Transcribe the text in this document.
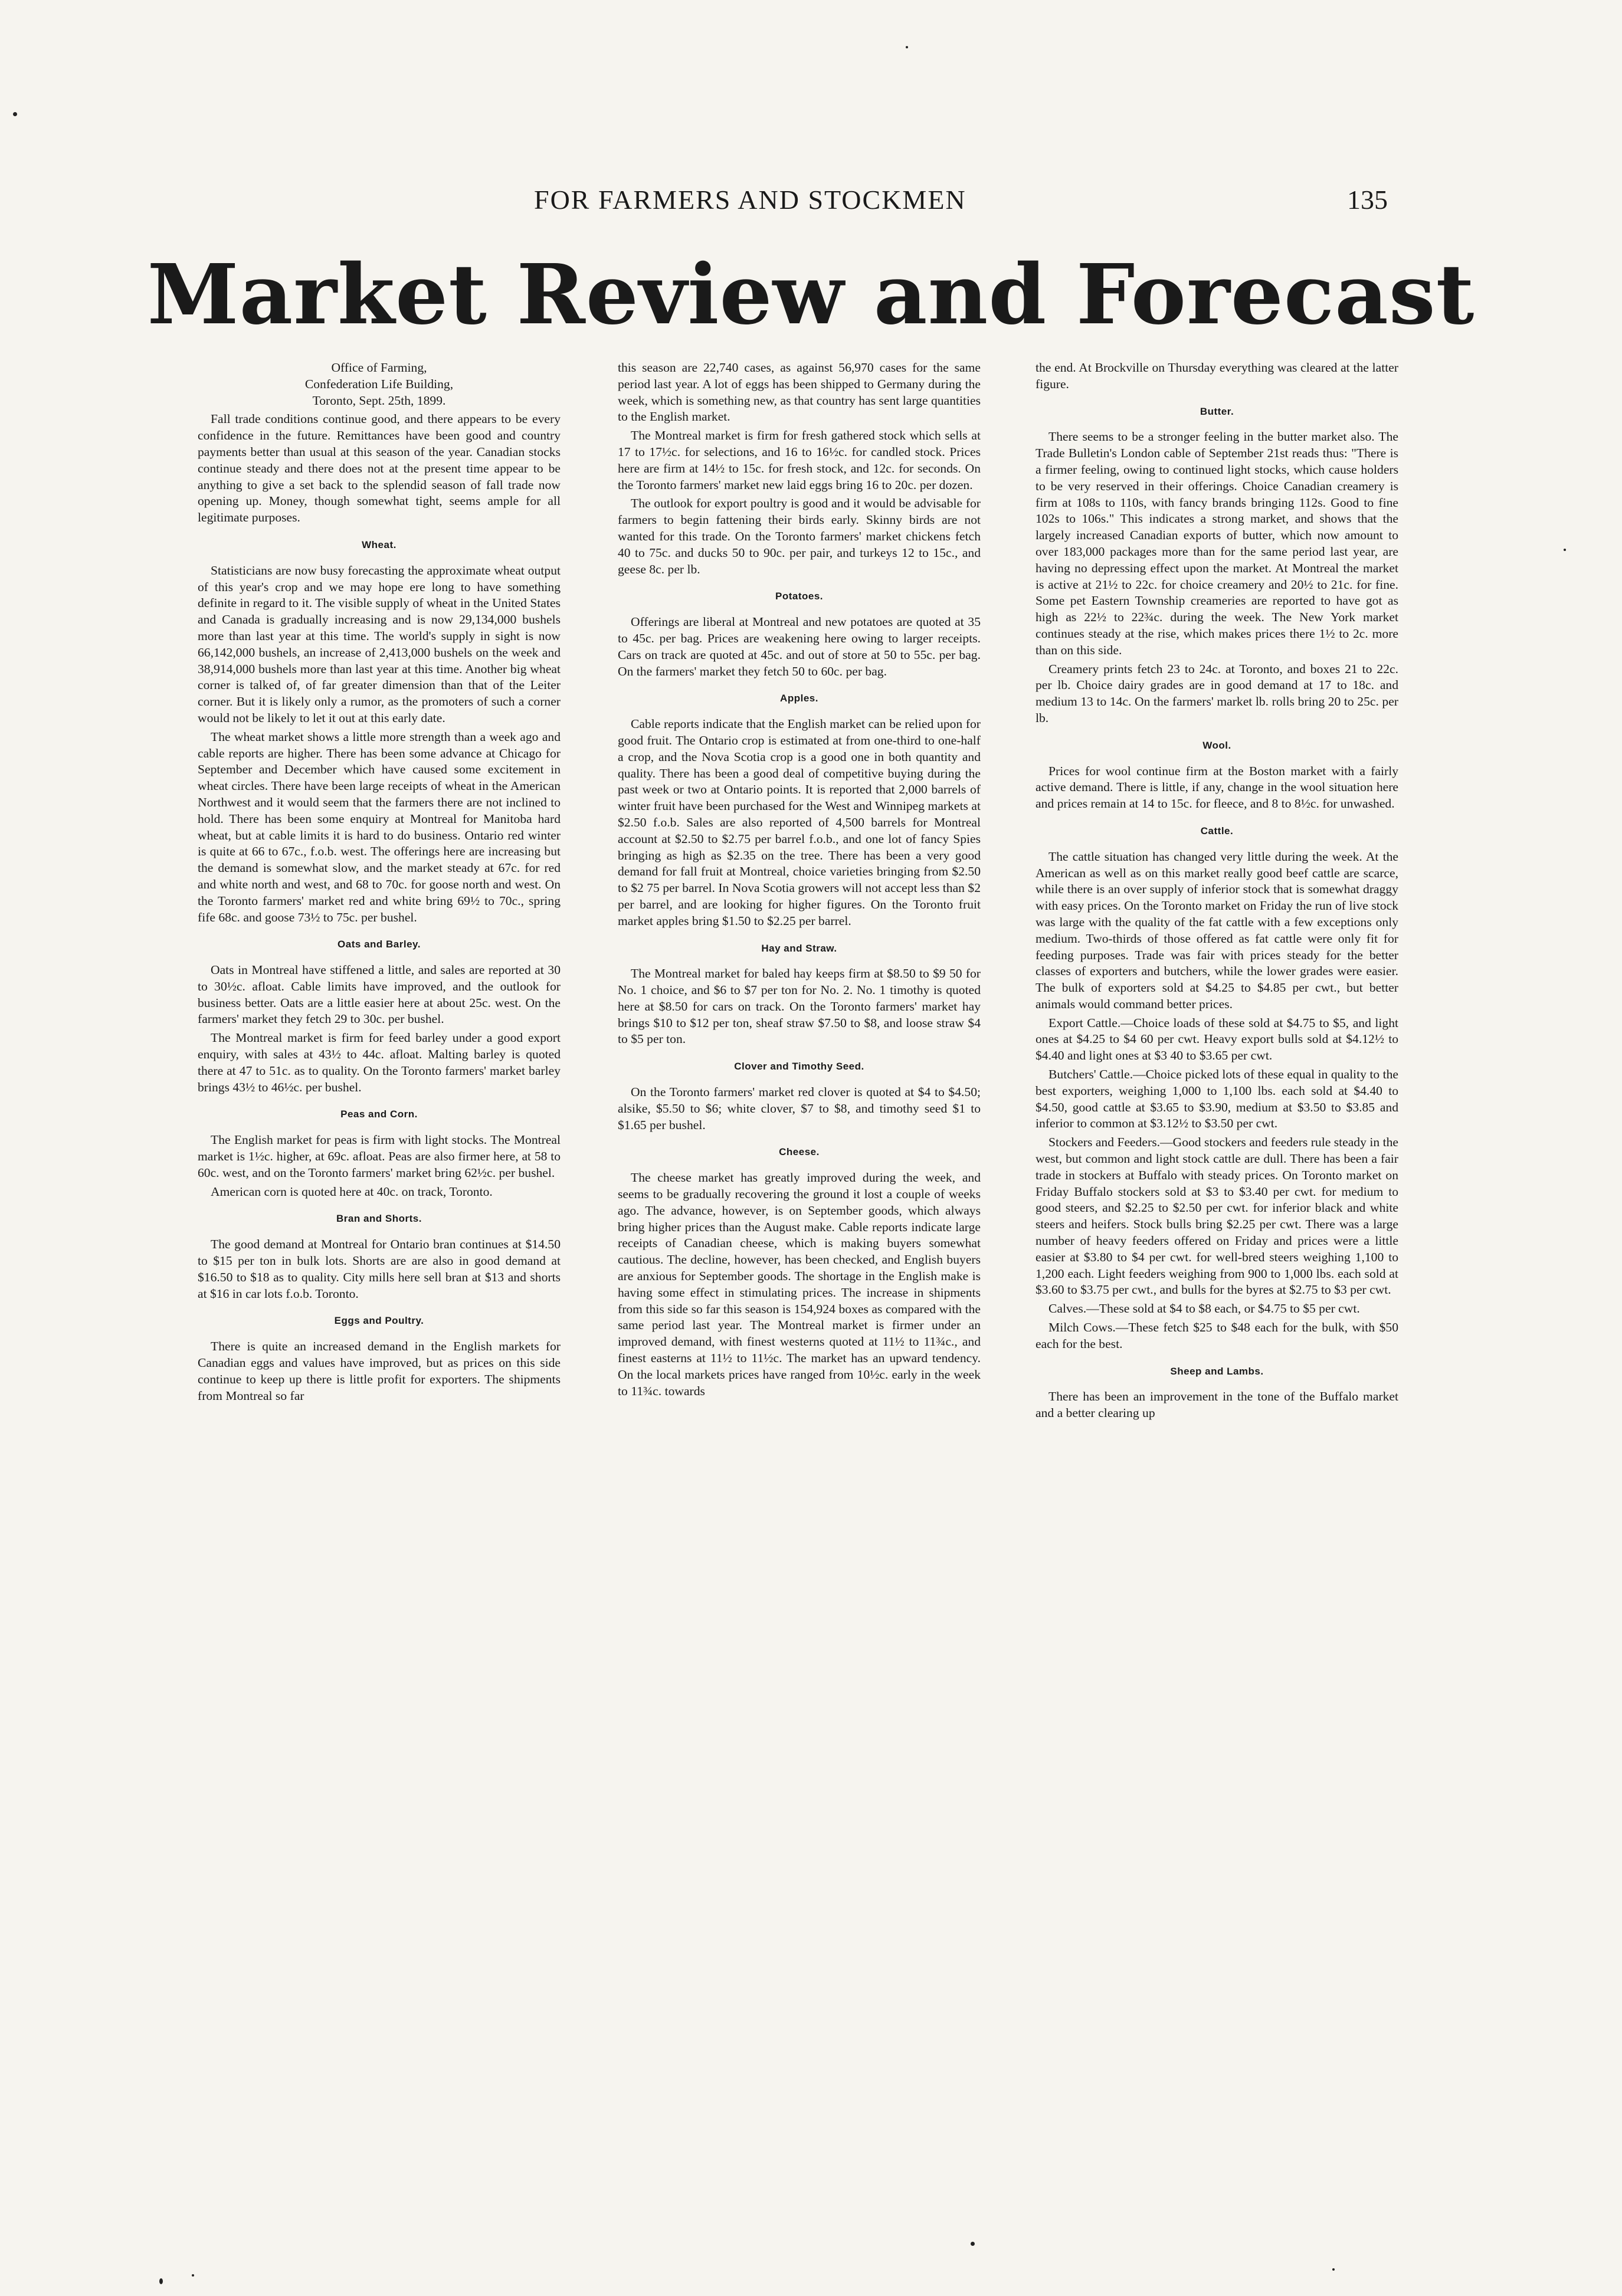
FOR FARMERS AND STOCKMEN	135
Market Review and Forecast

Office of Farming,

Confederation Life Building,

Toronto, Sept. 25th, 1899.

Fall trade conditions continue good, and there appears to be every confidence in the future. Remittances have been good and country payments better than usual at this season of the year. Canadian stocks continue steady and there does not at the present time appear to be anything to give a set back to the splendid season of fall trade now opening up. Money, though somewhat tight, seems ample for all legitimate purposes.

Wheat.

Statisticians are now busy forecasting the approximate wheat output of this year's crop and we may hope ere long to have something definite in regard to it. The visible supply of wheat in the United States and Canada is gradually increasing and is now 29,134,000 bushels more than last year at this time. The world's supply in sight is now 66,142,000 bushels, an increase of 2,413,000 bushels on the week and 38,914,000 bushels more than last year at this time. Another big wheat corner is talked of, of far greater dimension than that of the Leiter corner. But it is likely only a rumor, as the promoters of such a corner would not be likely to let it out at this early date.

The wheat market shows a little more strength than a week ago and cable reports are higher. There has been some advance at Chicago for September and December which have caused some excitement in wheat circles. There have been large receipts of wheat in the American Northwest and it would seem that the farmers there are not inclined to hold. There has been some enquiry at Montreal for Manitoba hard wheat, but at cable limits it is hard to do business. Ontario red winter is quite at 66 to 67c., f.o.b. west. The offerings here are increasing but the demand is somewhat slow, and the market steady at 67c. for red and white north and west, and 68 to 70c. for goose north and west. On the Toronto farmers' market red and white bring 69½ to 70c., spring fife 68c. and goose 73½ to 75c. per bushel.

Oats and Barley.

Oats in Montreal have stiffened a little, and sales are reported at 30 to 30½c. afloat. Cable limits have improved, and the outlook for business better. Oats are a little easier here at about 25c. west. On the farmers' market they fetch 29 to 30c. per bushel.

The Montreal market is firm for feed barley under a good export enquiry, with sales at 43½ to 44c. afloat. Malting barley is quoted there at 47 to 51c. as to quality. On the Toronto farmers' market barley brings 43½ to 46½c. per bushel.

Peas and Corn.

The English market for peas is firm with light stocks. The Montreal market is 1½c. higher, at 69c. afloat. Peas are also firmer here, at 58 to 60c. west, and on the Toronto farmers' market bring 62½c. per bushel.

American corn is quoted here at 40c. on track, Toronto.

Bran and Shorts.

The good demand at Montreal for Ontario bran continues at $14.50 to $15 per ton in bulk lots. Shorts are are also in good demand at $16.50 to $18 as to quality. City mills here sell bran at $13 and shorts at $16 in car lots f.o.b. Toronto.

Eggs and Poultry.

There is quite an increased demand in the English markets for Canadian eggs and values have improved, but as prices on this side continue to keep up there is little profit for exporters. The shipments from Montreal so far

this season are 22,740 cases, as against 56,970 cases for the same period last year. A lot of eggs has been shipped to Germany during the week, which is something new, as that country has sent large quantities to the English market.

The Montreal market is firm for fresh gathered stock which sells at 17 to 17½c. for selections, and 16 to 16½c. for candled stock. Prices here are firm at 14½ to 15c. for fresh stock, and 12c. for seconds. On the Toronto farmers' market new laid eggs bring 16 to 20c. per dozen.

The outlook for export poultry is good and it would be advisable for farmers to begin fattening their birds early. Skinny birds are not wanted for this trade. On the Toronto farmers' market chickens fetch 40 to 75c. and ducks 50 to 90c. per pair, and turkeys 12 to 15c., and geese 8c. per lb.

Potatoes.

Offerings are liberal at Montreal and new potatoes are quoted at 35 to 45c. per bag. Prices are weakening here owing to larger receipts. Cars on track are quoted at 45c. and out of store at 50 to 55c. per bag. On the farmers' market they fetch 50 to 60c. per bag.

Apples.

Cable reports indicate that the English market can be relied upon for good fruit. The Ontario crop is estimated at from one-third to one-half a crop, and the Nova Scotia crop is a good one in both quantity and quality. There has been a good deal of competitive buying during the past week or two at Ontario points. It is reported that 2,000 barrels of winter fruit have been purchased for the West and Winnipeg markets at $2.50 f.o.b. Sales are also reported of 4,500 barrels for Montreal account at $2.50 to $2.75 per barrel f.o.b., and one lot of fancy Spies bringing as high as $2.35 on the tree. There has been a very good demand for fall fruit at Montreal, choice varieties bringing from $2.50 to $2 75 per barrel. In Nova Scotia growers will not accept less than $2 per barrel, and are looking for higher figures. On the Toronto fruit market apples bring $1.50 to $2.25 per barrel.

Hay and Straw.

The Montreal market for baled hay keeps firm at $8.50 to $9 50 for No. 1 choice, and $6 to $7 per ton for No. 2. No. 1 timothy is quoted here at $8.50 for cars on track. On the Toronto farmers' market hay brings $10 to $12 per ton, sheaf straw $7.50 to $8, and loose straw $4 to $5 per ton.

Clover and Timothy Seed.

On the Toronto farmers' market red clover is quoted at $4 to $4.50; alsike, $5.50 to $6; white clover, $7 to $8, and timothy seed $1 to $1.65 per bushel.

Cheese.

The cheese market has greatly improved during the week, and seems to be gradually recovering the ground it lost a couple of weeks ago. The advance, however, is on September goods, which always bring higher prices than the August make. Cable reports indicate large receipts of Canadian cheese, which is making buyers somewhat cautious. The decline, however, has been checked, and English buyers are anxious for September goods. The shortage in the English make is having some effect in stimulating prices. The increase in shipments from this side so far this season is 154,924 boxes as compared with the same period last year. The Montreal market is firmer under an improved demand, with finest westerns quoted at 11½ to 11¾c., and finest easterns at 11½ to 11½c. The market has an upward tendency. On the local markets prices have ranged from 10½c. early in the week to 11¾c. towards

the end. At Brockville on Thursday everything was cleared at the latter figure.

Butter.

There seems to be a stronger feeling in the butter market also. The Trade Bulletin's London cable of September 21st reads thus: "There is a firmer feeling, owing to continued light stocks, which cause holders to be very reserved in their offerings. Choice Canadian creamery is firm at 108s to 110s, with fancy brands bringing 112s. Good to fine 102s to 106s." This indicates a strong market, and shows that the largely increased Canadian exports of butter, which now amount to over 183,000 packages more than for the same period last year, are having no depressing effect upon the market. At Montreal the market is active at 21½ to 22c. for choice creamery and 20½ to 21c. for fine. Some pet Eastern Township creameries are reported to have got as high as 22½ to 22¾c. during the week. The New York market continues steady at the rise, which makes prices there 1½ to 2c. more than on this side.

Creamery prints fetch 23 to 24c. at Toronto, and boxes 21 to 22c. per lb. Choice dairy grades are in good demand at 17 to 18c. and medium 13 to 14c. On the farmers' market lb. rolls bring 20 to 25c. per lb.

Wool.

Prices for wool continue firm at the Boston market with a fairly active demand. There is little, if any, change in the wool situation here and prices remain at 14 to 15c. for fleece, and 8 to 8½c. for unwashed.

Cattle.

The cattle situation has changed very little during the week. At the American as well as on this market really good beef cattle are scarce, while there is an over supply of inferior stock that is somewhat draggy with easy prices. On the Toronto market on Friday the run of live stock was large with the quality of the fat cattle with a few exceptions only medium. Two-thirds of those offered as fat cattle were only fit for feeding purposes. Trade was fair with prices steady for the better classes of exporters and butchers, while the lower grades were easier. The bulk of exporters sold at $4.25 to $4.85 per cwt., but better animals would command better prices.

Export Cattle.—Choice loads of these sold at $4.75 to $5, and light ones at $4.25 to $4 60 per cwt. Heavy export bulls sold at $4.12½ to $4.40 and light ones at $3 40 to $3.65 per cwt.

Butchers' Cattle.—Choice picked lots of these equal in quality to the best exporters, weighing 1,000 to 1,100 lbs. each sold at $4.40 to $4.50, good cattle at $3.65 to $3.90, medium at $3.50 to $3.85 and inferior to common at $3.12½ to $3.50 per cwt.

Stockers and Feeders.—Good stockers and feeders rule steady in the west, but common and light stock cattle are dull. There has been a fair trade in stockers at Buffalo with steady prices. On Toronto market on Friday Buffalo stockers sold at $3 to $3.40 per cwt. for medium to good steers, and $2.25 to $2.50 per cwt. for inferior black and white steers and heifers. Stock bulls bring $2.25 per cwt. There was a large number of heavy feeders offered on Friday and prices were a little easier at $3.80 to $4 per cwt. for well-bred steers weighing 1,100 to 1,200 each. Light feeders weighing from 900 to 1,000 lbs. each sold at $3.60 to $3.75 per cwt., and bulls for the byres at $2.75 to $3 per cwt.

Calves.—These sold at $4 to $8 each, or $4.75 to $5 per cwt.

Milch Cows.—These fetch $25 to $48 each for the bulk, with $50 each for the best.

Sheep and Lambs.

There has been an improvement in the tone of the Buffalo market and a better clearing up
